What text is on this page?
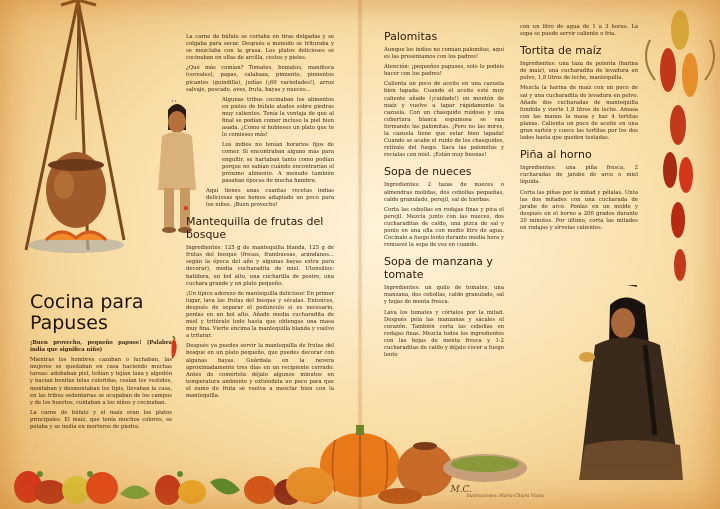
Cocina para Papuses

¡Buen provecho, pequeño papuse! (Palabra india que significa niño)

Mientras los hombres cazaban o luchaban, las mujeres se quedaban en casa haciendo muchas tareas: adobaban piel, teñían y tejían lana y algodón y hacían bonitas telas coloridas, cosían los vestidos, montaban y desmontaban los tipis, llevaban la casa, en las tribus sedentarias se ocupaban de los campos y de los huertos, cuidaban a los niños y cocinaban.

La carne de búfalo y el maíz eran los platos principales. El maíz, que tenía muchos colores, se pelaba y se molía en morteros de piedra.

La carne de búfalo se cortaba en tiras delgadas y se colgaba para secar. Después a menudo se trituraba y se mezclaba con la grasa. Los platos delicioses se cocinaban en ollas de arcilla, cestos y pieles.

¿Qué más comían? Tomates, boniatos, mandioca (cereales), papas, calabaza, pimiento, pimientos picantes (guindilla), judías (¡60 variedades!), arroz salvaje, pescado, aves, fruta, bayas y nueces...

Algunas tribus cocinaban los alimentos en pieles de búfalo atados sobre piedras muy calientes. Tenía la ventaja de que al final se podían comer incluso la piel bien asada. ¿Como si hubieses un plato que te lo comieses más!

Los indios no tenían horarios fijos de comer. Si encontraban alguno más para engullir, se hartaban tanto como podían porque no sabían cuándo encontrarían el próximo alimento. A menudo también pasaban épocas de mucha hambre.

Aquí tienes unas cuantas recetas indias deliciosas que hemos adaptado un poco para los niños. ¡Buen provecho!

Mantequilla de frutas del bosque

Ingredientes: 125 g de mantequilla blanda, 125 g de frutas del bosque (fresas, frambuesas, arándanos... según la época del año y algunas bayas extra para decorar), media cucharadita de miel. Utensilios: batidora, un bol alto, una cucharilla de postre, una cuchara grande y un plato pequeño.

¡Un típico aderezo de mantequilla delicioso! En primer lugar, lava las frutas del bosque y sécalas. Entonces, después de separar el pedúnculo si es necesario, ponlas en un bol alto. Añade media cucharadita de miel y tritúralo todo hasta que obtengas una masa muy fina. Vierte encima la mantequilla blanda y vuelve a triturar.

Después ya puedes servir la mantequilla de frutas del bosque en un plato pequeño, que puedes decorar con algunas bayas. Guárdala en la nevera aproximadamente tres días en un recipiente cerrado. Antes de comértela déjalo algunos minutos en temperatura ambiente y extiéndela un poco para que el zumo de fruta se vuelva a mezclar bien con la mantequilla.

Palomitas

Aunque los indios no comían palomitas, aquí es las presentamos con los padres!

Atención: ¡pequeños papuses, solo lo podéis hacer con los padres!

Calienta un poco de aceite en una cazuela bien tapada. Cuando el aceite esté muy caliente añade (¡cuidado!) un montón de maíz y vuelve a tapar rápidamente la cazuela. Con un chasquido ruidoso y una cobertura blanca espumosa se van formando las palomitas. ¡Pero no las mires, la cazuela tiene que estar bien tapada! Cuando se acabe el ruido de los chasquidos, retírala del fuego. Saca las palomitas y rocíalas con miel. ¡Están muy buenas!

Sopa de nueces

Ingredientes: 2 tazas de nueces o almendras molidas, dos cebollas pequeñas, caldo granulado, perejil, sal de hierbas.

Corta las cebollas en rodajas finas y pica el perejil. Mezcla junto con las nueces, dos cucharaditas de caldo, una pizca de sal y ponlo en una olla con medio litro de agua. Cocínalo a fuego lento durante media hora y remueve la sopa de vez en cuando.

Sopa de manzana y tomate

Ingredientes: un quilo de tomates, una manzana, dos cebollas, caldo granulado, sal y hojas de menta fresca.

Lava los tomates y córtalos por la mitad. Después pela las manzanas y sácales el corazón. También corta las cebollas en rodajas finas. Mezcla todos los ingredientes con las hojas de menta fresca y 1-2 cucharaditas de caldo y déjalo cocer a fuego lento

con un litro de agua de 1 a 3 horas. La sopa se puede servir caliente o fría.

Tortita de maíz

Ingredientes: una taza de polenta (harina de maíz), una cucharadita de levadura en polvo, 1,8 litros de leche, mantequilla.

Mezcla la harina de maíz con un poco de sal y una cucharadita de levadura en polvo. Añade dos cucharadas de mantequilla fundida y vierte 1,8 litros de leche. Amasa con las manos la masa y haz 4 tortitas planas. Calienta un poco de aceite en una gran sartén y cuece las tortitas por los dos lados hasta que queden tostadas.

Piña al horno

Ingredientes: una piña fresca, 2 cucharadas de jarabe de arce o miel líquida.

Corta las piñas por la mitad y pélalas. Unta las dos mitades con una cucharada de jarabe de arce. Ponlas en un molde y después en el horno a 200 grados durante 20 minutos. Por último, corta las mitades en rodajas y sírvelas calientes.

M.C.
Ilustraciones: Maria-Chiara Vianu
